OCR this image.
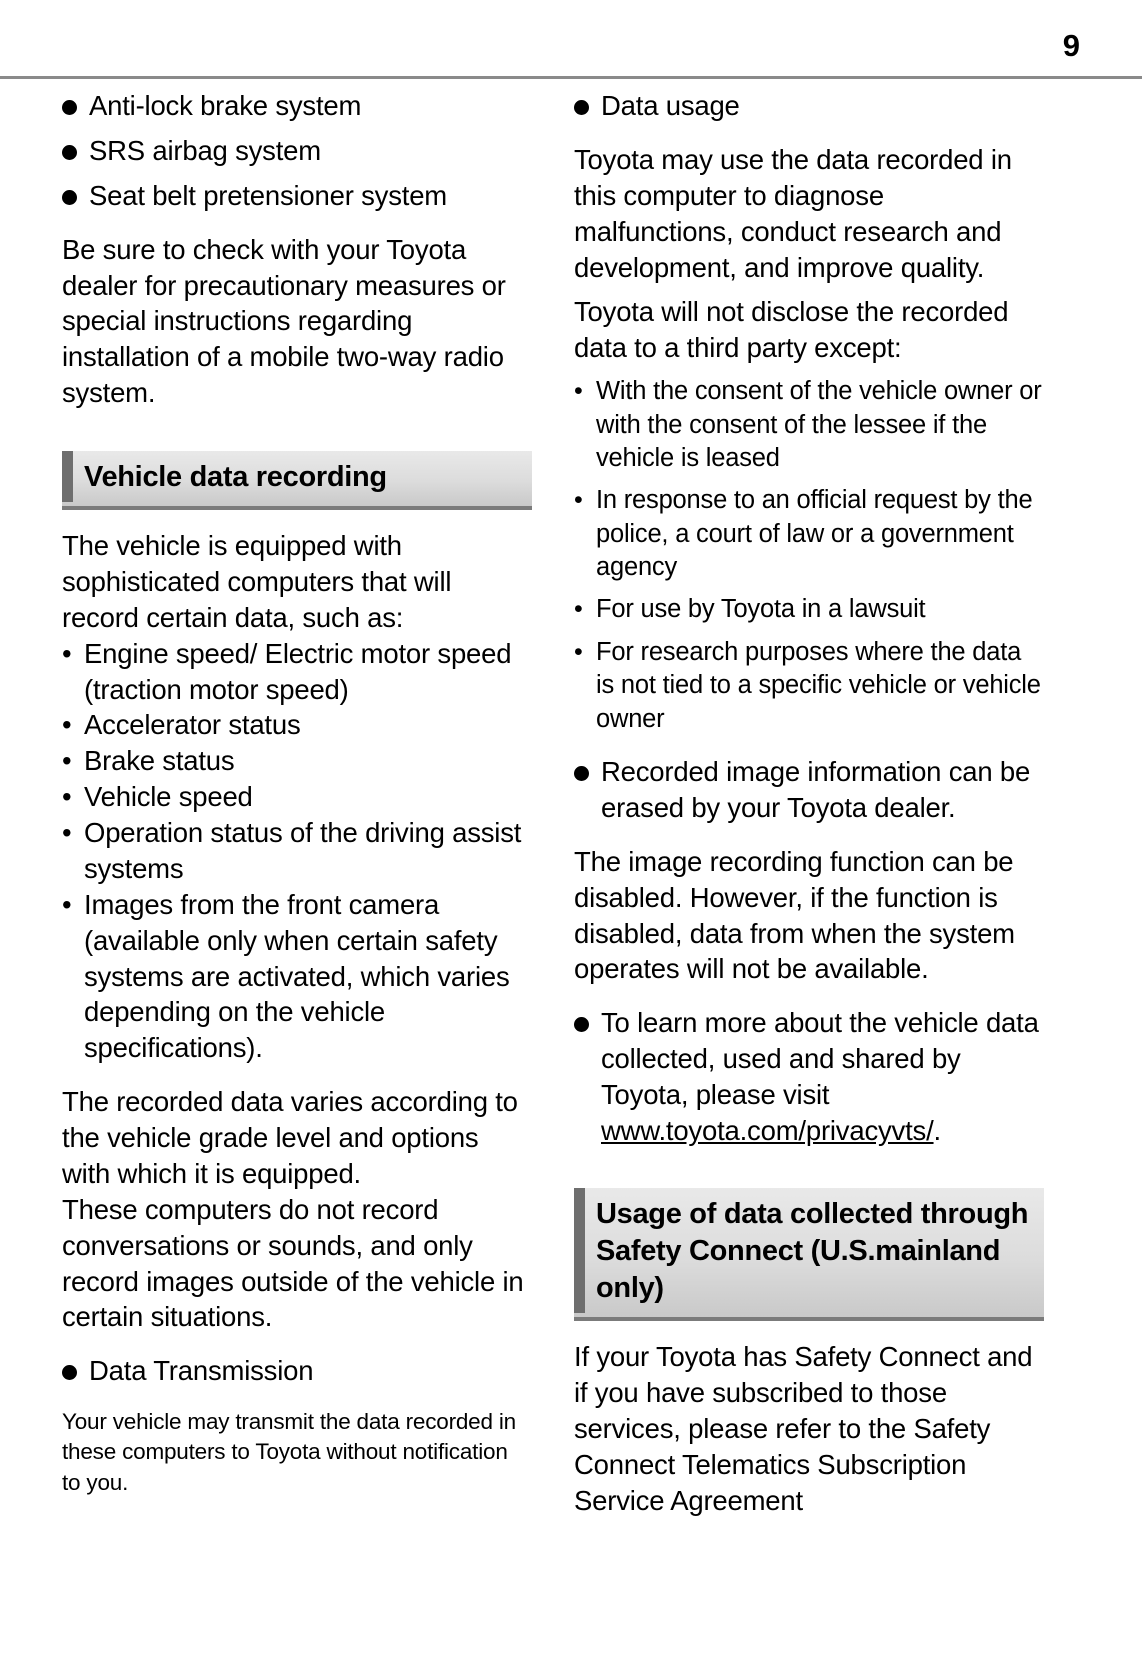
9
Anti-lock brake system
SRS airbag system
Seat belt pretensioner system

Be sure to check with your Toyota dealer for precautionary measures or special instructions regarding installation of a mobile two-way radio system.

Vehicle data recording

The vehicle is equipped with sophisticated computers that will record certain data, such as:

• Engine speed/ Electric motor speed (traction motor speed)
• Accelerator status
• Brake status
• Vehicle speed
• Operation status of the driving assist systems
• Images from the front camera (available only when certain safety systems are activated, which varies depending on the vehicle specifications).

The recorded data varies according to the vehicle grade level and options with which it is equipped.

These computers do not record conversations or sounds, and only record images outside of the vehicle in certain situations.

Data Transmission

Your vehicle may transmit the data recorded in these computers to Toyota without notification to you.

Data usage

Toyota may use the data recorded in this computer to diagnose malfunctions, conduct research and development, and improve quality.

Toyota will not disclose the recorded data to a third party except:

• With the consent of the vehicle owner or with the consent of the lessee if the vehicle is leased
• In response to an official request by the police, a court of law or a government agency
• For use by Toyota in a lawsuit
• For research purposes where the data is not tied to a specific vehicle or vehicle owner
Recorded image information can be erased by your Toyota dealer.

The image recording function can be disabled. However, if the function is disabled, data from when the system operates will not be available.

To learn more about the vehicle data collected, used and shared by Toyota, please visit www.toyota.com/privacyvts/.
Usage of data collected through Safety Connect (U.S.mainland only)

If your Toyota has Safety Connect and if you have subscribed to those services, please refer to the Safety Connect Telematics Subscription Service Agreement
